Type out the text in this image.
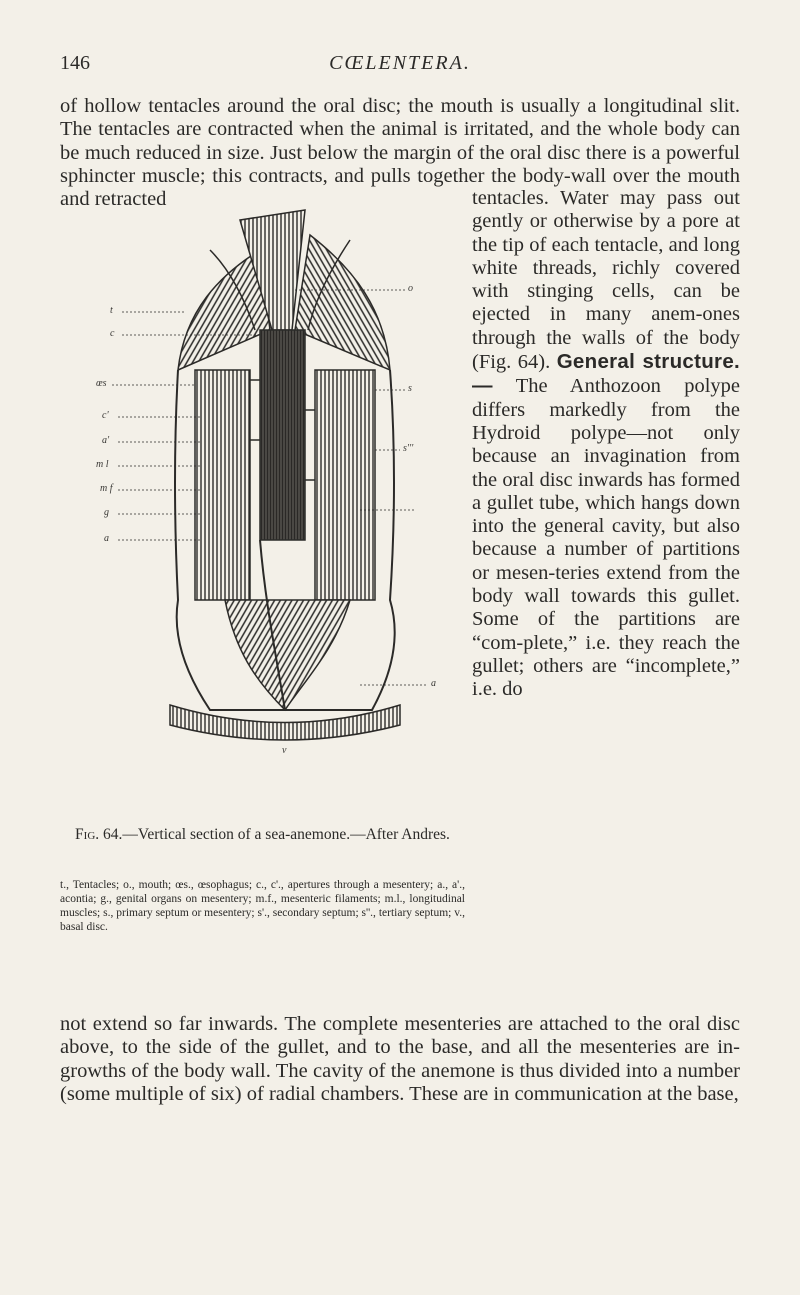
146	CŒLENTERA.

of hollow tentacles around the oral disc; the mouth is usually a longitudinal slit. The tentacles are contracted when the animal is irritated, and the whole body can be much reduced in size. Just below the margin of the oral disc there is a powerful sphincter muscle; this contracts, and pulls together the body-wall over the mouth and retracted

t
c
œs
c'
a'
m l
m f
g
a
o
s
s'''
a
v
Fig. 64.—Vertical section of a sea-anemone.—After Andres.

t., Tentacles; o., mouth; œs., œsophagus; c., c'., apertures through a mesentery; a., a'., acontia; g., genital organs on mesentery; m.f., mesenteric filaments; m.l., longitudinal muscles; s., primary septum or mesentery; s'., secondary septum; s''., tertiary septum; v., basal disc.

tentacles. Water may pass out gently or otherwise by a pore at the tip of each tentacle, and long white threads, richly covered with stinging cells, can be ejected in many anem-ones through the walls of the body (Fig. 64). General structure.— The Anthozoon polype differs markedly from the Hydroid polype—not only because an invagination from the oral disc inwards has formed a gullet tube, which hangs down into the general cavity, but also because a number of partitions or mesen-teries extend from the body wall towards this gullet. Some of the partitions are “com-plete,” i.e. they reach the gullet; others are “incomplete,” i.e. do

not extend so far inwards. The complete mesenteries are attached to the oral disc above, to the side of the gullet, and to the base, and all the mesenteries are in-growths of the body wall. The cavity of the anemone is thus divided into a number (some multiple of six) of radial chambers. These are in communication at the base,
